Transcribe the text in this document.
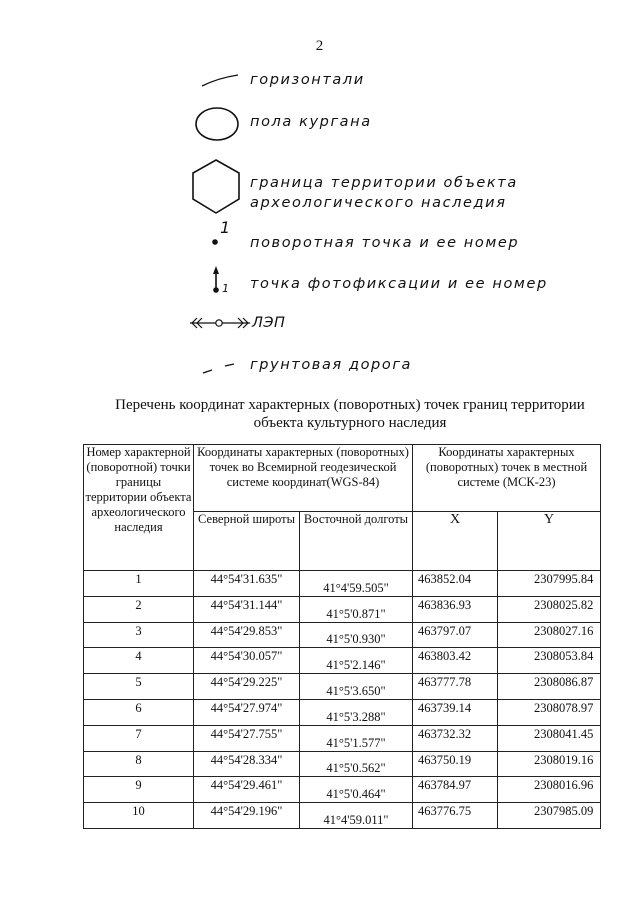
2
горизонтали
пола кургана
граница территории объекта
археологического наследия
1
поворотная точка и ее номер
1 точка фотофиксации и ее номер
ЛЭП
грунтовая дорога
Перечень координат характерных (поворотных) точек границ территории
объекта культурного наследия
Номер характерной (поворотной) точки границы территории объекта археологического наследия	Координаты характерных (поворотных) точек во Всемирной геодезической системе координат(WGS-84)		Координаты характерных (поворотных) точек в местной системе (МСК-23)	
	Северной широты	Восточной долготы	X	Y
1	44°54'31.635"	41°4'59.505"	463852.04	2307995.84
2	44°54'31.144"	41°5'0.871"	463836.93	2308025.82
3	44°54'29.853"	41°5'0.930"	463797.07	2308027.16
4	44°54'30.057"	41°5'2.146"	463803.42	2308053.84
5	44°54'29.225"	41°5'3.650"	463777.78	2308086.87
6	44°54'27.974"	41°5'3.288"	463739.14	2308078.97
7	44°54'27.755"	41°5'1.577"	463732.32	2308041.45
8	44°54'28.334"	41°5'0.562"	463750.19	2308019.16
9	44°54'29.461"	41°5'0.464"	463784.97	2308016.96
10	44°54'29.196"	41°4'59.011"	463776.75	2307985.09
